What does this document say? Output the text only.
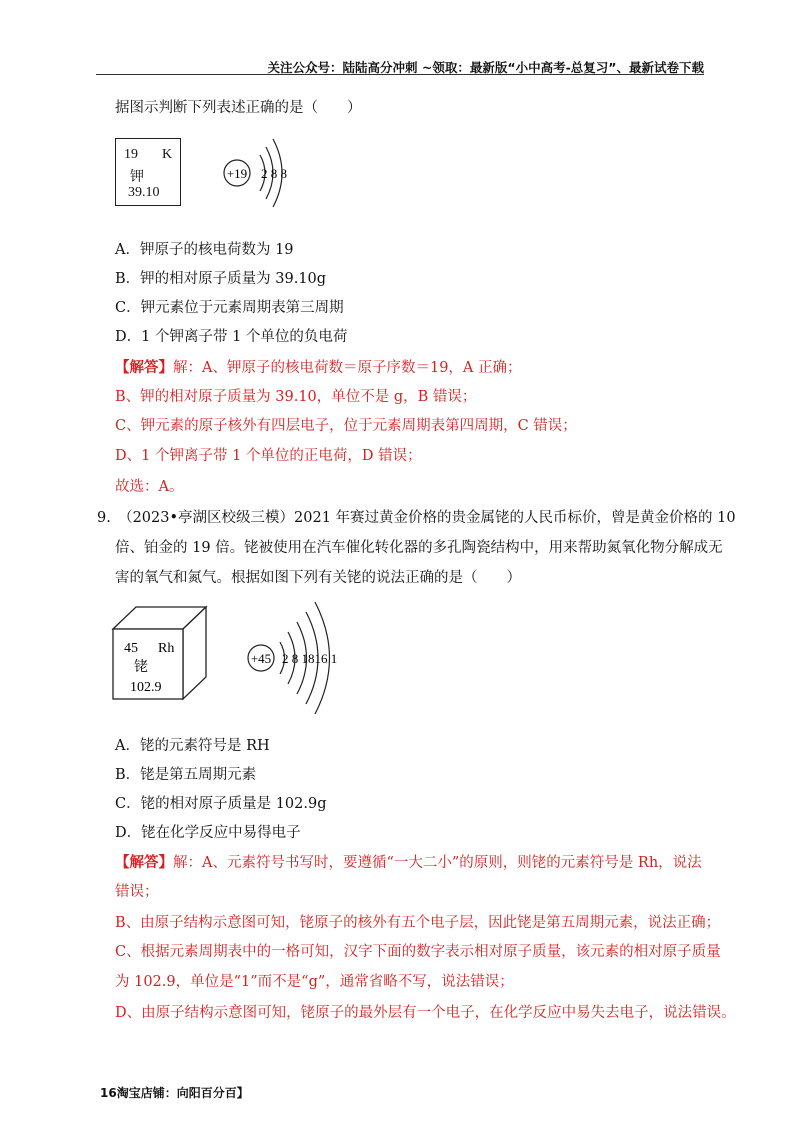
关注公众号：陆陆高分冲刺 ~领取：最新版“小中高考-总复习”、最新试卷下载
据图示判断下列表述正确的是（　　）
19 K
钾
39.10
+19 2 8 8
A．钾原子的核电荷数为 19
B．钾的相对原子质量为 39.10g
C．钾元素位于元素周期表第三周期
D．1 个钾离子带 1 个单位的负电荷
【解答】解：A、钾原子的核电荷数＝原子序数＝19，A 正确；
B、钾的相对原子质量为 39.10，单位不是 g，B 错误；
C、钾元素的原子核外有四层电子，位于元素周期表第四周期，C 错误；
D、1 个钾离子带 1 个单位的正电荷，D 错误；
故选：A。
9.　（2023•亭湖区校级三模）2021 年赛过黄金价格的贵金属铑的人民币标价，曾是黄金价格的 10
倍、铂金的 19 倍。铑被使用在汽车催化转化器的多孔陶瓷结构中，用来帮助氮氧化物分解成无
害的氧气和氮气。根据如图下列有关铑的说法正确的是（　　）
45 Rh
铑
102.9
+45 2 8 1816 1
A．铑的元素符号是 RH
B．铑是第五周期元素
C．铑的相对原子质量是 102.9g
D．铑在化学反应中易得电子
【解答】解：A、元素符号书写时，要遵循“一大二小”的原则，则铑的元素符号是 Rh，说法
错误；
B、由原子结构示意图可知，铑原子的核外有五个电子层，因此铑是第五周期元素，说法正确；
C、根据元素周期表中的一格可知，汉字下面的数字表示相对原子质量，该元素的相对原子质量
为 102.9，单位是“1”而不是“g”，通常省略不写，说法错误；
D、由原子结构示意图可知，铑原子的最外层有一个电子，在化学反应中易失去电子，说法错误。
16淘宝店铺：向阳百分百】
